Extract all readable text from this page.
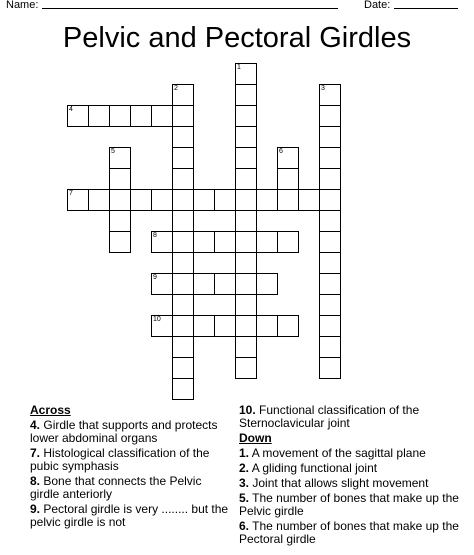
Name:	Date:
Pelvic and Pectoral Girdles
1
2	3
4
5	6
7
8
9
10
Across
4. Girdle that supports and protects lower abdominal organs
7. Histological classification of the pubic symphasis
8. Bone that connects the Pelvic girdle anteriorly
9. Pectoral girdle is very ........ but the pelvic girdle is not
10. Functional classification of the Sternoclavicular joint
Down
1. A movement of the sagittal plane
2. A gliding functional joint
3. Joint that allows slight movement
5. The number of bones that make up the Pelvic girdle
6. The number of bones that make up the Pectoral girdle
